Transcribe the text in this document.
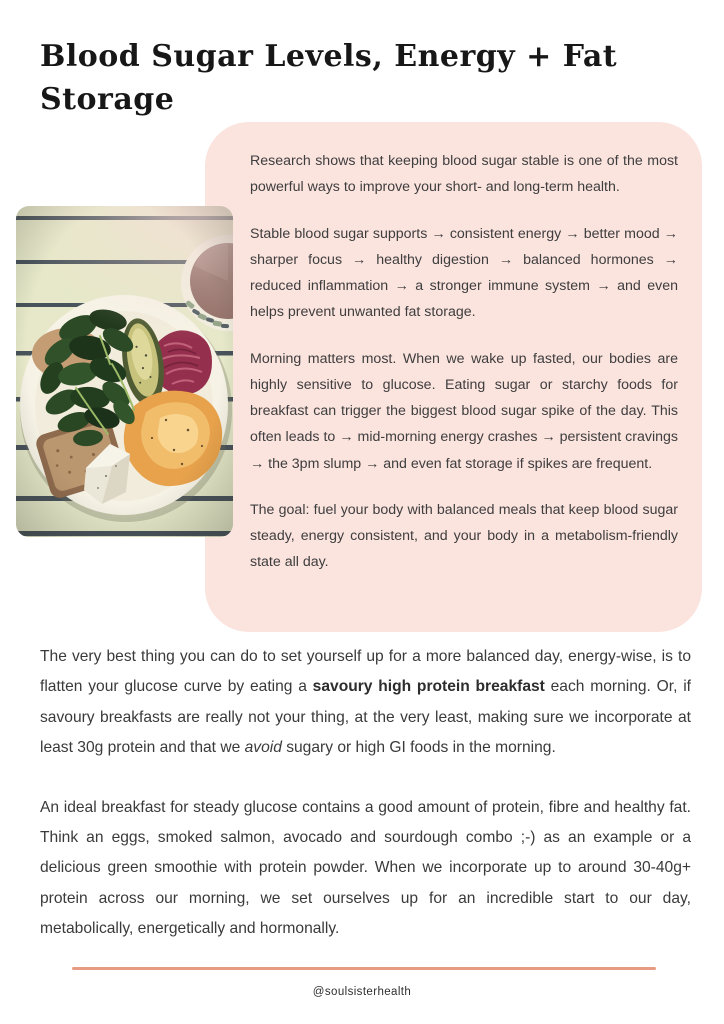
Blood Sugar Levels, Energy + Fat Storage

Research shows that keeping blood sugar stable is one of the most powerful ways to improve your short- and long-term health.

Stable blood sugar supports → consistent energy → better mood → sharper focus → healthy digestion → balanced hormones → reduced inflammation → a stronger immune system → and even helps prevent unwanted fat storage.

Morning matters most. When we wake up fasted, our bodies are highly sensitive to glucose. Eating sugar or starchy foods for breakfast can trigger the biggest blood sugar spike of the day. This often leads to → mid-morning energy crashes → persistent cravings → the 3pm slump → and even fat storage if spikes are frequent.

The goal: fuel your body with balanced meals that keep blood sugar steady, energy consistent, and your body in a metabolism-friendly state all day.

The very best thing you can do to set yourself up for a more balanced day, energy-wise, is to flatten your glucose curve by eating a savoury high protein breakfast each morning. Or, if savoury breakfasts are really not your thing, at the very least, making sure we incorporate at least 30g protein and that we avoid sugary or high GI foods in the morning.

An ideal breakfast for steady glucose contains a good amount of protein, fibre and healthy fat. Think an eggs, smoked salmon, avocado and sourdough combo ;-) as an example or a delicious green smoothie with protein powder. When we incorporate up to around 30-40g+ protein across our morning, we set ourselves up for an incredible start to our day, metabolically, energetically and hormonally.

@soulsisterhealth
